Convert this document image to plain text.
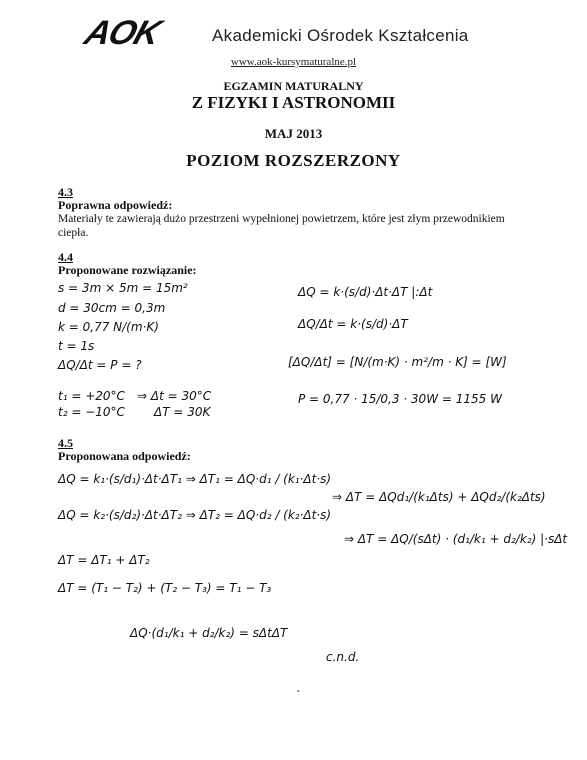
AOK	Akademicki Ośrodek Kształcenia
www.aok-kursymaturalne.pl
EGZAMIN MATURALNY
Z FIZYKI I ASTRONOMII
MAJ 2013
POZIOM ROZSZERZONY
4.3
Poprawna odpowiedź:
Materiały te zawierają dużo przestrzeni wypełnionej powietrzem, które jest złym przewodnikiem ciepła.
4.4
Proponowane rozwiązanie:
s = 3m × 5m = 15m²
d = 30cm = 0,3m
k = 0,77 N/(m·K)
t = 1s
ΔQ/Δt = P = ?
t₁ = +20°C
t₂ = −10°C
⇒ Δt = 30°C
ΔT = 30K
ΔQ = k·(s/d)·Δt·ΔT |:Δt
ΔQ/Δt = k·(s/d)·ΔT
[ΔQ/Δt] = [N/(m·K) · m²/m · K] = [W]
P = 0,77 · 15/0,3 · 30W = 1155 W
4.5
Proponowana odpowiedź:
ΔQ = k₁·(s/d₁)·Δt·ΔT₁ ⇒ ΔT₁ = ΔQ·d₁ / (k₁·Δt·s)
ΔQ = k₂·(s/d₂)·Δt·ΔT₂ ⇒ ΔT₂ = ΔQ·d₂ / (k₂·Δt·s)
⇒ ΔT = ΔQd₁/(k₁Δts) + ΔQd₂/(k₂Δts)
⇒ ΔT = ΔQ/(sΔt) · (d₁/k₁ + d₂/k₂) |·sΔt
ΔT = ΔT₁ + ΔT₂
ΔT = (T₁ − T₂) + (T₂ − T₃) = T₁ − T₃
ΔQ·(d₁/k₁ + d₂/k₂) = sΔtΔT
c.n.d.
·
